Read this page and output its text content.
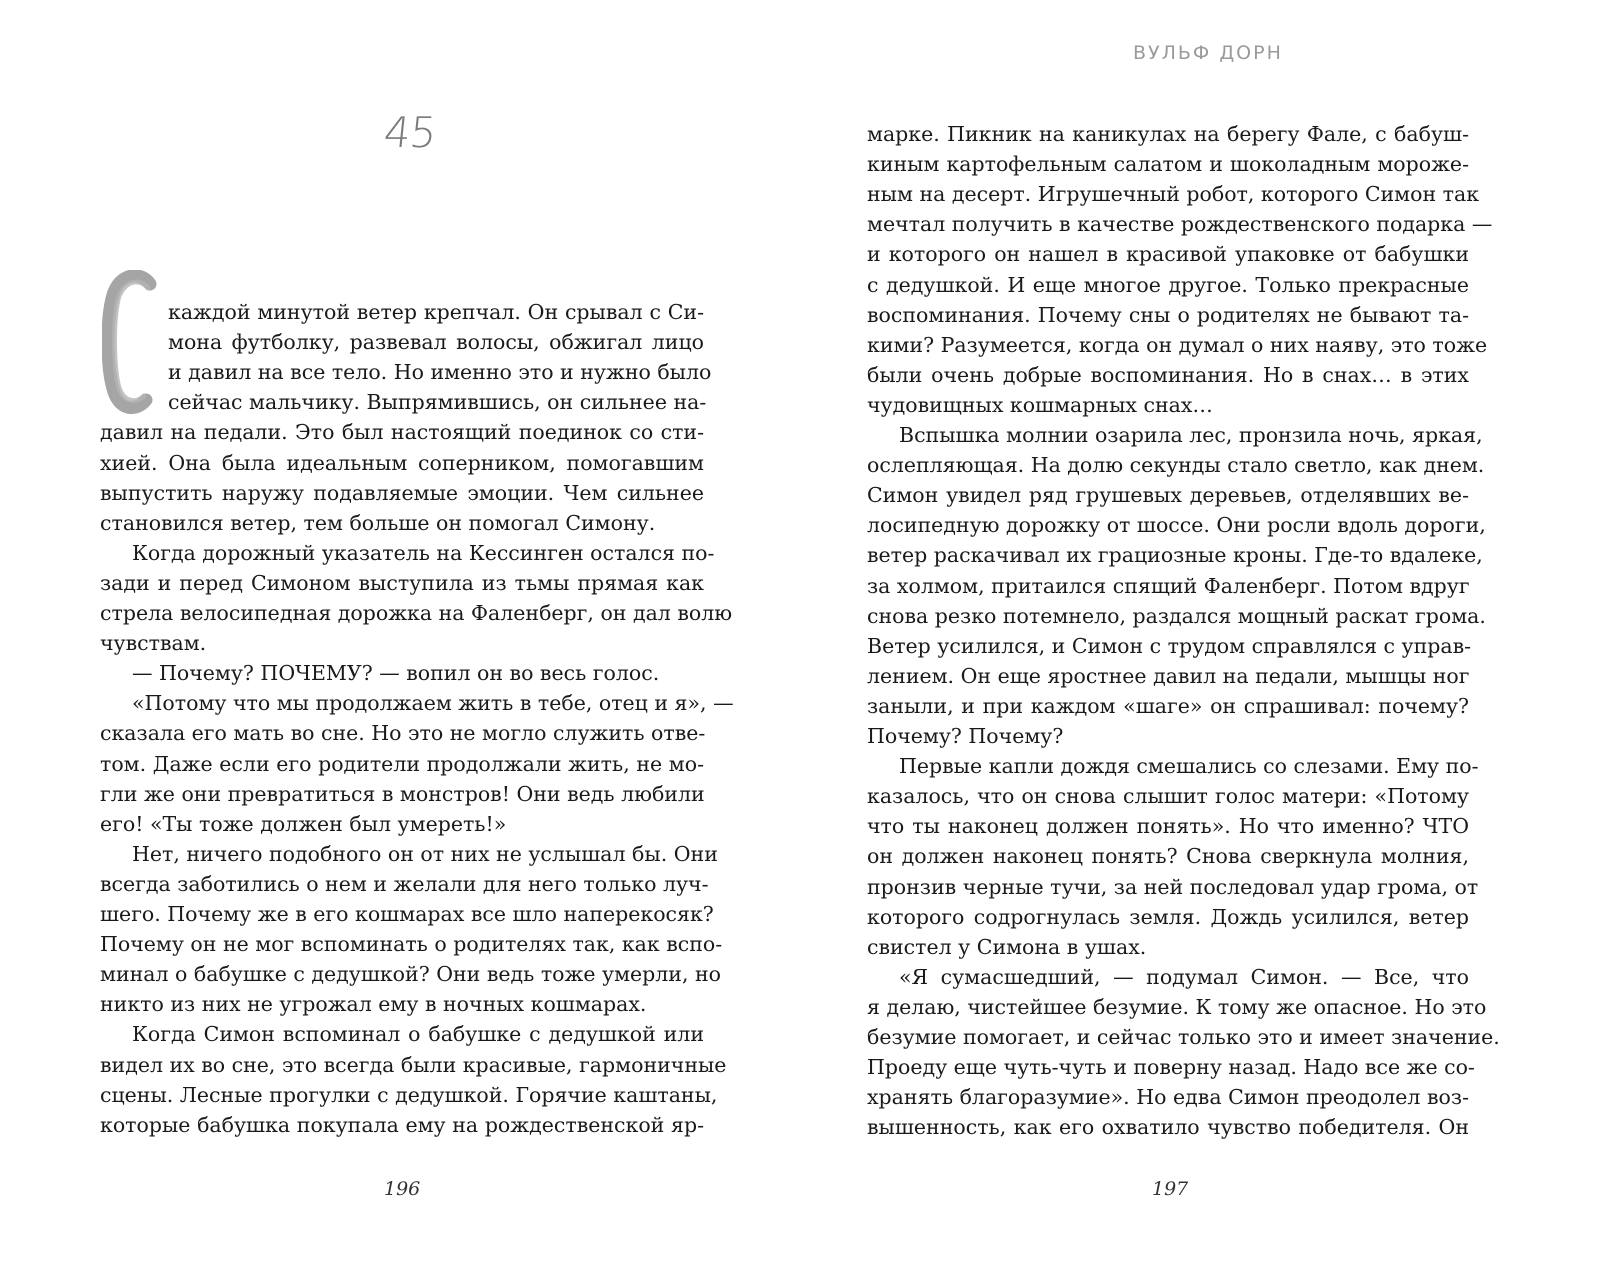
45

каждой минутой ветер крепчал. Он срывал с Си-

мона футболку, развевал волосы, обжигал лицо

и давил на все тело. Но именно это и нужно было

сейчас мальчику. Выпрямившись, он сильнее на-

давил на педали. Это был настоящий поединок со сти-

хией. Она была идеальным соперником, помогавшим

выпустить наружу подавляемые эмоции. Чем сильнее

становился ветер, тем больше он помогал Симону.

Когда дорожный указатель на Кессинген остался по-

зади и перед Симоном выступила из тьмы прямая как

стрела велосипедная дорожка на Фаленберг, он дал волю

чувствам.

— Почему? ПОЧЕМУ? — вопил он во весь голос.

«Потому что мы продолжаем жить в тебе, отец и я», —

сказала его мать во сне. Но это не могло служить отве-

том. Даже если его родители продолжали жить, не мо-

гли же они превратиться в монстров! Они ведь любили

его! «Ты тоже должен был умереть!»

Нет, ничего подобного он от них не услышал бы. Они

всегда заботились о нем и желали для него только луч-

шего. Почему же в его кошмарах все шло наперекосяк?

Почему он не мог вспоминать о родителях так, как вспо-

минал о бабушке с дедушкой? Они ведь тоже умерли, но

никто из них не угрожал ему в ночных кошмарах.

Когда Симон вспоминал о бабушке с дедушкой или

видел их во сне, это всегда были красивые, гармоничные

сцены. Лесные прогулки с дедушкой. Горячие каштаны,

которые бабушка покупала ему на рождественской яр-

196
ВУЛЬФ ДОРН

марке. Пикник на каникулах на берегу Фале, с бабуш-

киным картофельным салатом и шоколадным мороже-

ным на десерт. Игрушечный робот, которого Симон так

мечтал получить в качестве рождественского подарка —

и которого он нашел в красивой упаковке от бабушки

с дедушкой. И еще многое другое. Только прекрасные

воспоминания. Почему сны о родителях не бывают та-

кими? Разумеется, когда он думал о них наяву, это тоже

были очень добрые воспоминания. Но в снах… в этих

чудовищных кошмарных снах…

Вспышка молнии озарила лес, пронзила ночь, яркая,

ослепляющая. На долю секунды стало светло, как днем.

Симон увидел ряд грушевых деревьев, отделявших ве-

лосипедную дорожку от шоссе. Они росли вдоль дороги,

ветер раскачивал их грациозные кроны. Где-то вдалеке,

за холмом, притаился спящий Фаленберг. Потом вдруг

снова резко потемнело, раздался мощный раскат грома.

Ветер усилился, и Симон с трудом справлялся с управ-

лением. Он еще яростнее давил на педали, мышцы ног

заныли, и при каждом «шаге» он спрашивал: почему?

Почему? Почему?

Первые капли дождя смешались со слезами. Ему по-

казалось, что он снова слышит голос матери: «Потому

что ты наконец должен понять». Но что именно? ЧТО

он должен наконец понять? Снова сверкнула молния,

пронзив черные тучи, за ней последовал удар грома, от

которого содрогнулась земля. Дождь усилился, ветер

свистел у Симона в ушах.

«Я сумасшедший, — подумал Симон. — Все, что

я делаю, чистейшее безумие. К тому же опасное. Но это

безумие помогает, и сейчас только это и имеет значение.

Проеду еще чуть-чуть и поверну назад. Надо все же со-

хранять благоразумие». Но едва Симон преодолел воз-

вышенность, как его охватило чувство победителя. Он

197
